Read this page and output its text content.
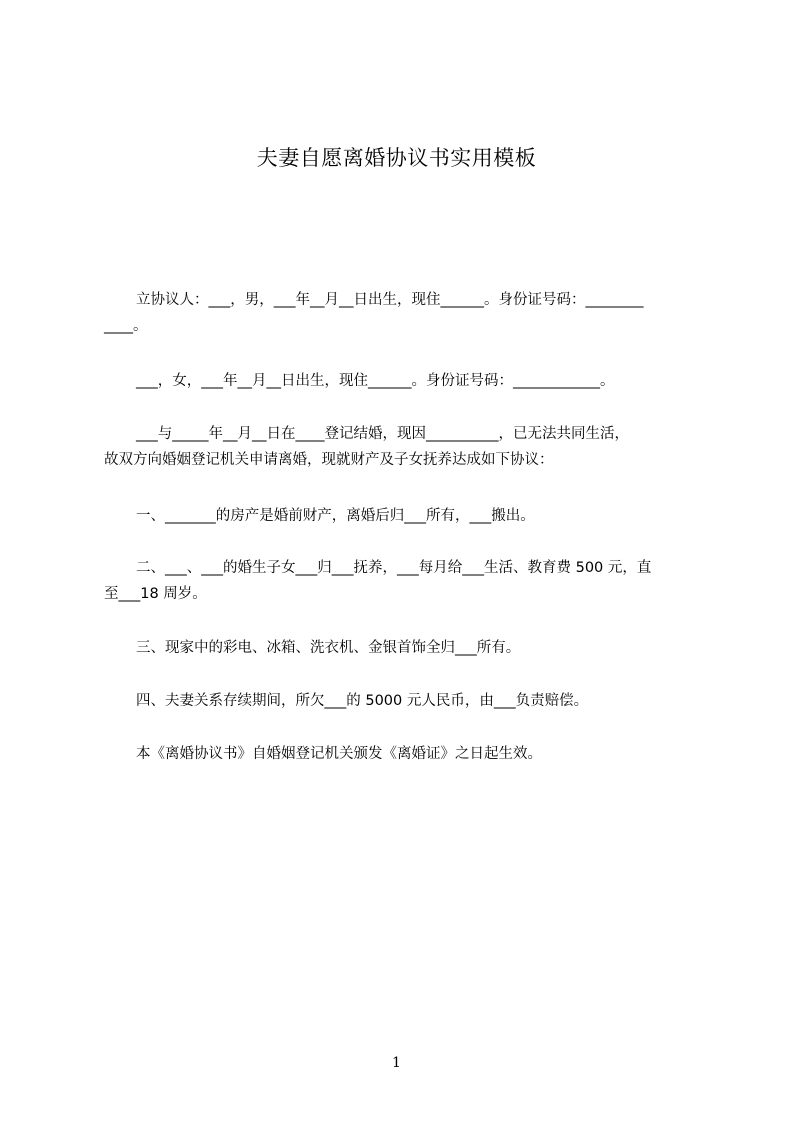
夫妻自愿离婚协议书实用模板
立协议人：___，男，___年__月__日出生，现住______。身份证号码：________
____。
___，女，___年__月__日出生，现住______。身份证号码：____________。
___与_____年__月__日在____登记结婚，现因__________，已无法共同生活，
故双方向婚姻登记机关申请离婚，现就财产及子女抚养达成如下协议：
一、_______的房产是婚前财产，离婚后归___所有，___搬出。
二、___、___的婚生子女___归___抚养，___每月给___生活、教育费 500 元，直
至___18 周岁。
三、现家中的彩电、冰箱、洗衣机、金银首饰全归___所有。
四、夫妻关系存续期间，所欠___的 5000 元人民币，由___负责赔偿。
本《离婚协议书》自婚姻登记机关颁发《离婚证》之日起生效。
1
